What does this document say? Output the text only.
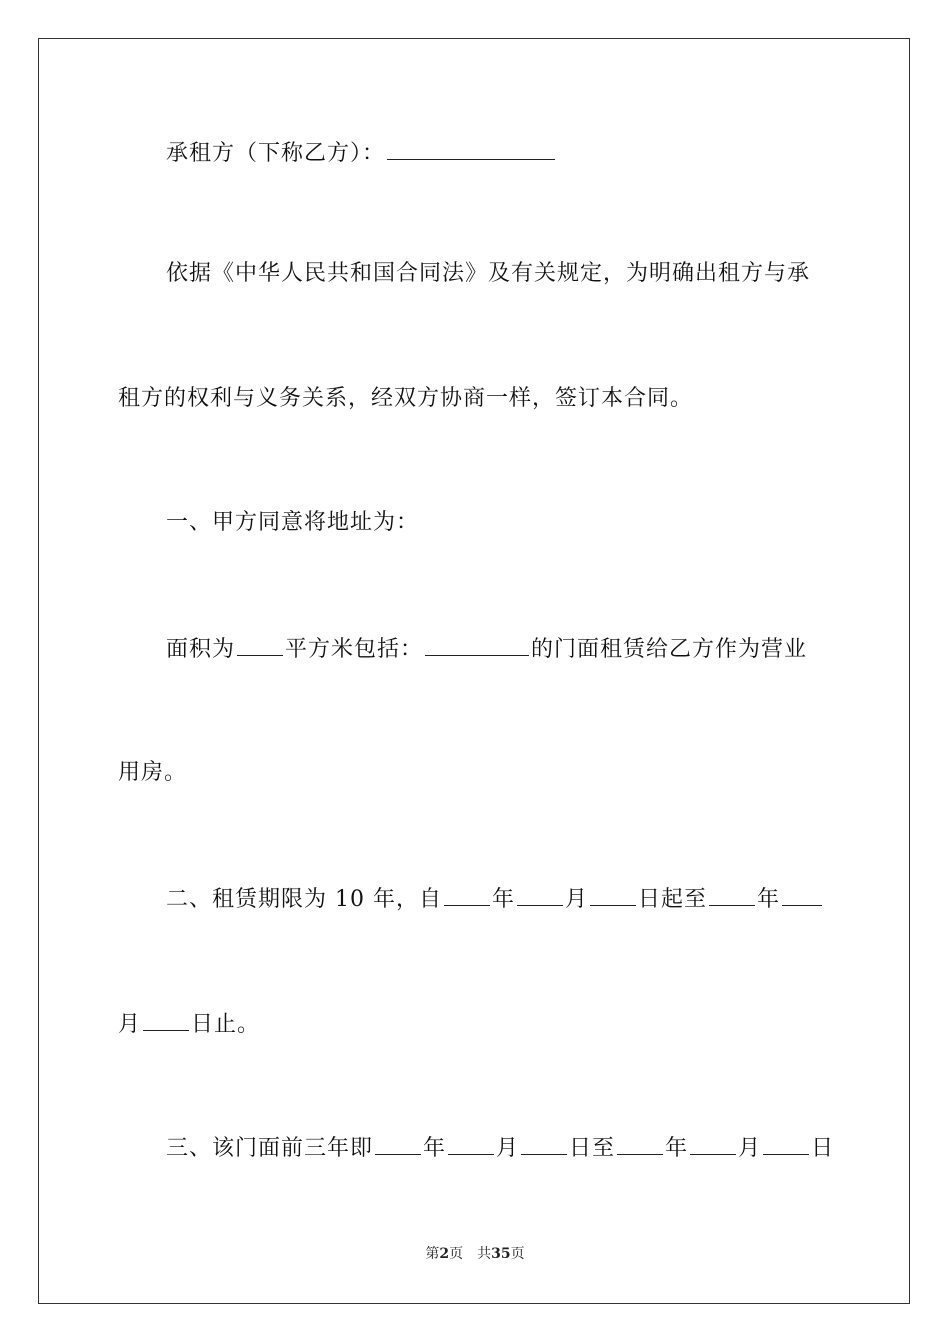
承租方（下称乙方）：
依据《中华人民共和国合同法》及有关规定，为明确出租方与承
租方的权利与义务关系，经双方协商一样，签订本合同。
一、甲方同意将地址为：
面积为 平方米包括：	的门面租赁给乙方作为营业
用房。
二、租赁期限为 10 年，自 年 月 日起至 年
月 日止。
三、该门面前三年即 年 月 日至 年 月 日
第2页　共35页
